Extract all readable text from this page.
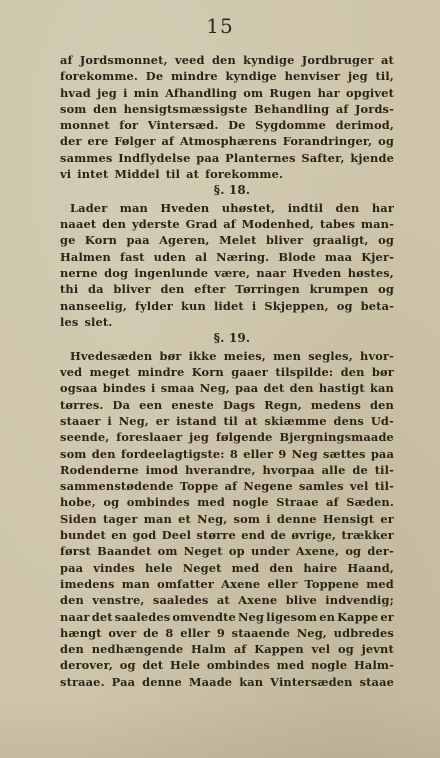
15
af Jordsmonnet, veed den kyndige Jordbruger at
forekomme. De mindre kyndige henviser jeg til,
hvad jeg i min Afhandling om Rugen har opgivet
som den hensigtsmæssigste Behandling af Jords-
monnet for Vintersæd. De Sygdomme derimod,
der ere Følger af Atmosphærens Forandringer, og
sammes Indflydelse paa Planternes Safter, kjende
vi intet Middel til at forekomme.
§. 18.
Lader man Hveden uhøstet, indtil den har
naaet den yderste Grad af Modenhed, tabes man-
ge Korn paa Ageren, Melet bliver graaligt, og
Halmen fast uden al Næring. Blode maa Kjer-
nerne dog ingenlunde være, naar Hveden høstes,
thi da bliver den efter Tørringen krumpen og
nanseelig, fylder kun lidet i Skjeppen, og beta-
les slet.
§. 19.
Hvedesæden bør ikke meies, men segles, hvor-
ved meget mindre Korn gaaer tilspilde: den bør
ogsaa bindes i smaa Neg, paa det den hastigt kan
tørres. Da een eneste Dags Regn, medens den
staaer i Neg, er istand til at skiæmme dens Ud-
seende, foreslaaer jeg følgende Bjergningsmaade
som den fordeelagtigste: 8 eller 9 Neg sættes paa
Rodenderne imod hverandre, hvorpaa alle de til-
sammenstødende Toppe af Negene samles vel til-
hobe, og ombindes med nogle Straae af Sæden.
Siden tager man et Neg, som i denne Hensigt er
bundet en god Deel større end de øvrige, trækker
først Baandet om Neget op under Axene, og der-
paa vindes hele Neget med den haire Haand,
imedens man omfatter Axene eller Toppene med
den venstre, saaledes at Axene blive indvendig;
naar det saaledes omvendte Neg ligesom en Kappe er
hængt over de 8 eller 9 staaende Neg, udbredes
den nedhængende Halm af Kappen vel og jevnt
derover, og det Hele ombindes med nogle Halm-
straae. Paa denne Maade kan Vintersæden staae
